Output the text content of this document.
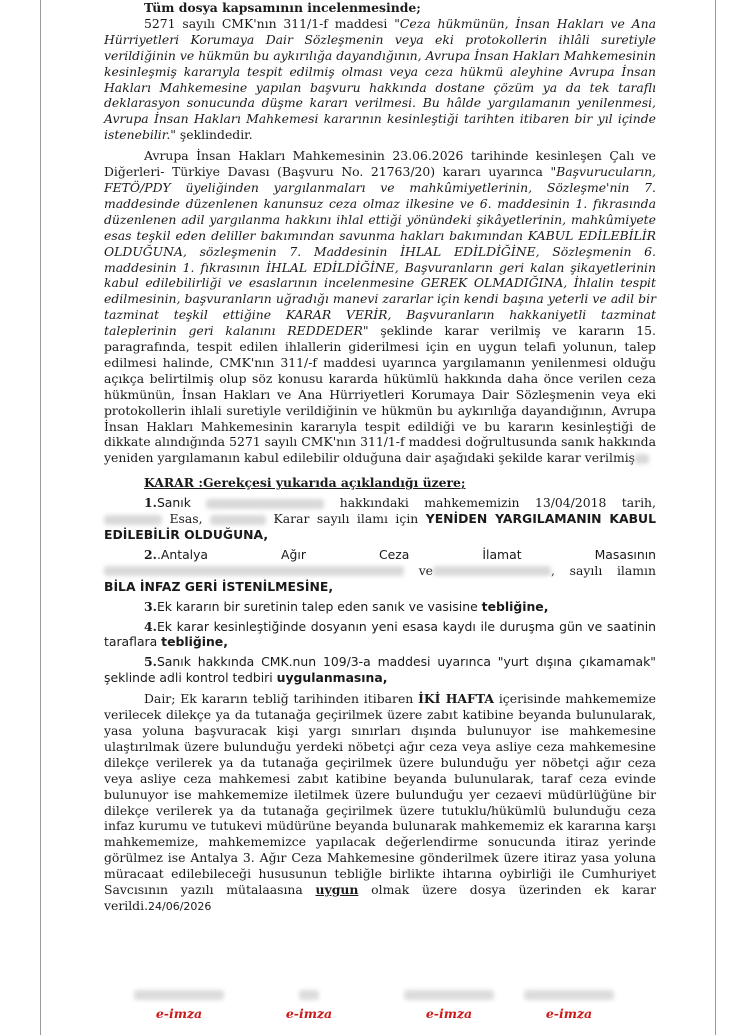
Tüm dosya kapsamının incelenmesinde;

5271 sayılı CMK'nın 311/1-f maddesi "Ceza hükmünün, İnsan Hakları ve Ana Hürriyetleri Korumaya Dair Sözleşmenin veya eki protokollerin ihlâli suretiyle verildiğinin ve hükmün bu aykırılığa dayandığının, Avrupa İnsan Hakları Mahkemesinin kesinleşmiş kararıyla tespit edilmiş olması veya ceza hükmü aleyhine Avrupa İnsan Hakları Mahkemesine yapılan başvuru hakkında dostane çözüm ya da tek taraflı deklarasyon sonucunda düşme kararı verilmesi. Bu hâlde yargılamanın yenilenmesi, Avrupa İnsan Hakları Mahkemesi kararının kesinleştiği tarihten itibaren bir yıl içinde istenebilir." şeklindedir.

Avrupa İnsan Hakları Mahkemesinin 23.06.2026 tarihinde kesinleşen Çalı ve Diğerleri- Türkiye Davası (Başvuru No. 21763/20) kararı uyarınca "Başvurucuların, FETÖ/PDY üyeliğinden yargılanmaları ve mahkûmiyetlerinin, Sözleşme'nin 7. maddesinde düzenlenen kanunsuz ceza olmaz ilkesine ve 6. maddesinin 1. fıkrasında düzenlenen adil yargılanma hakkını ihlal ettiği yönündeki şikâyetlerinin, mahkûmiyete esas teşkil eden deliller bakımından savunma hakları bakımından KABUL EDİLEBİLİR OLDUĞUNA, sözleşmenin 7. Maddesinin İHLAL EDİLDİĞİNE, Sözleşmenin 6. maddesinin 1. fıkrasının İHLAL EDİLDİĞİNE, Başvuranların geri kalan şikayetlerinin kabul edilebilirliği ve esaslarının incelenmesine GEREK OLMADIĞINA, İhlalin tespit edilmesinin, başvuranların uğradığı manevi zararlar için kendi başına yeterli ve adil bir tazminat teşkil ettiğine KARAR VERİR, Başvuranların hakkaniyetli tazminat taleplerinin geri kalanını REDDEDER" şeklinde karar verilmiş ve kararın 15. paragrafında, tespit edilen ihlallerin giderilmesi için en uygun telafi yolunun, talep edilmesi halinde, CMK'nın 311/-f maddesi uyarınca yargılamanın yenilenmesi olduğu açıkça belirtilmiş olup söz konusu kararda hükümlü hakkında daha önce verilen ceza hükmünün, İnsan Hakları ve Ana Hürriyetleri Korumaya Dair Sözleşmenin veya eki protokollerin ihlali suretiyle verildiğinin ve hükmün bu aykırılığa dayandığının, Avrupa İnsan Hakları Mahkemesinin kararıyla tespit edildiği ve bu kararın kesinleştiği de dikkate alındığında 5271 sayılı CMK'nın 311/1-f maddesi doğrultusunda sanık hakkında yeniden yargılamanın kabul edilebilir olduğuna dair aşağıdaki şekilde karar verilmiş

KARAR :Gerekçesi yukarıda açıklandığı üzere;

1.Sanık	hakkındaki mahkememizin 13/04/2018 tarih,  Esas,	Karar sayılı ilamı için YENİDEN YARGILAMANIN KABUL EDİLEBİLİR OLDUĞUNA,

2..Antalya Ağır Ceza İlamat Masasının  ve	, sayılı ilamın BİLA İNFAZ GERİ İSTENİLMESİNE,

3.Ek kararın bir suretinin talep eden sanık ve vasisine tebliğine,

4.Ek karar kesinleştiğinde dosyanın yeni esasa kaydı ile duruşma gün ve saatinin taraflara tebliğine,

5.Sanık hakkında CMK.nun 109/3-a maddesi uyarınca "yurt dışına çıkamamak" şeklinde adli kontrol tedbiri uygulanmasına,

Dair; Ek kararın tebliğ tarihinden itibaren İKİ HAFTA içerisinde mahkememize verilecek dilekçe ya da tutanağa geçirilmek üzere zabıt katibine beyanda bulunularak, yasa yoluna başvuracak kişi yargı sınırları dışında bulunuyor ise mahkemesine ulaştırılmak üzere bulunduğu yerdeki nöbetçi ağır ceza veya asliye ceza mahkemesine dilekçe verilerek ya da tutanağa geçirilmek üzere bulunduğu yer nöbetçi ağır ceza veya asliye ceza mahkemesi zabıt katibine beyanda bulunularak, taraf ceza evinde bulunuyor ise mahkememize iletilmek üzere bulunduğu yer cezaevi müdürlüğüne bir dilekçe verilerek ya da tutanağa geçirilmek üzere tutuklu/hükümlü bulunduğu ceza infaz kurumu ve tutukevi müdürüne beyanda bulunarak mahkememiz ek kararına karşı mahkememize, mahkememizce yapılacak değerlendirme sonucunda itiraz yerinde görülmez ise Antalya 3. Ağır Ceza Mahkemesine gönderilmek üzere itiraz yasa yoluna müracaat edilebileceği hususunun tebliğle birlikte ihtarına oybirliği ile Cumhuriyet Savcısının yazılı mütalaasına uygun olmak üzere dosya üzerinden ek karar verildi.24/06/2026

e-imza	e-imza	e-imza	e-imza
